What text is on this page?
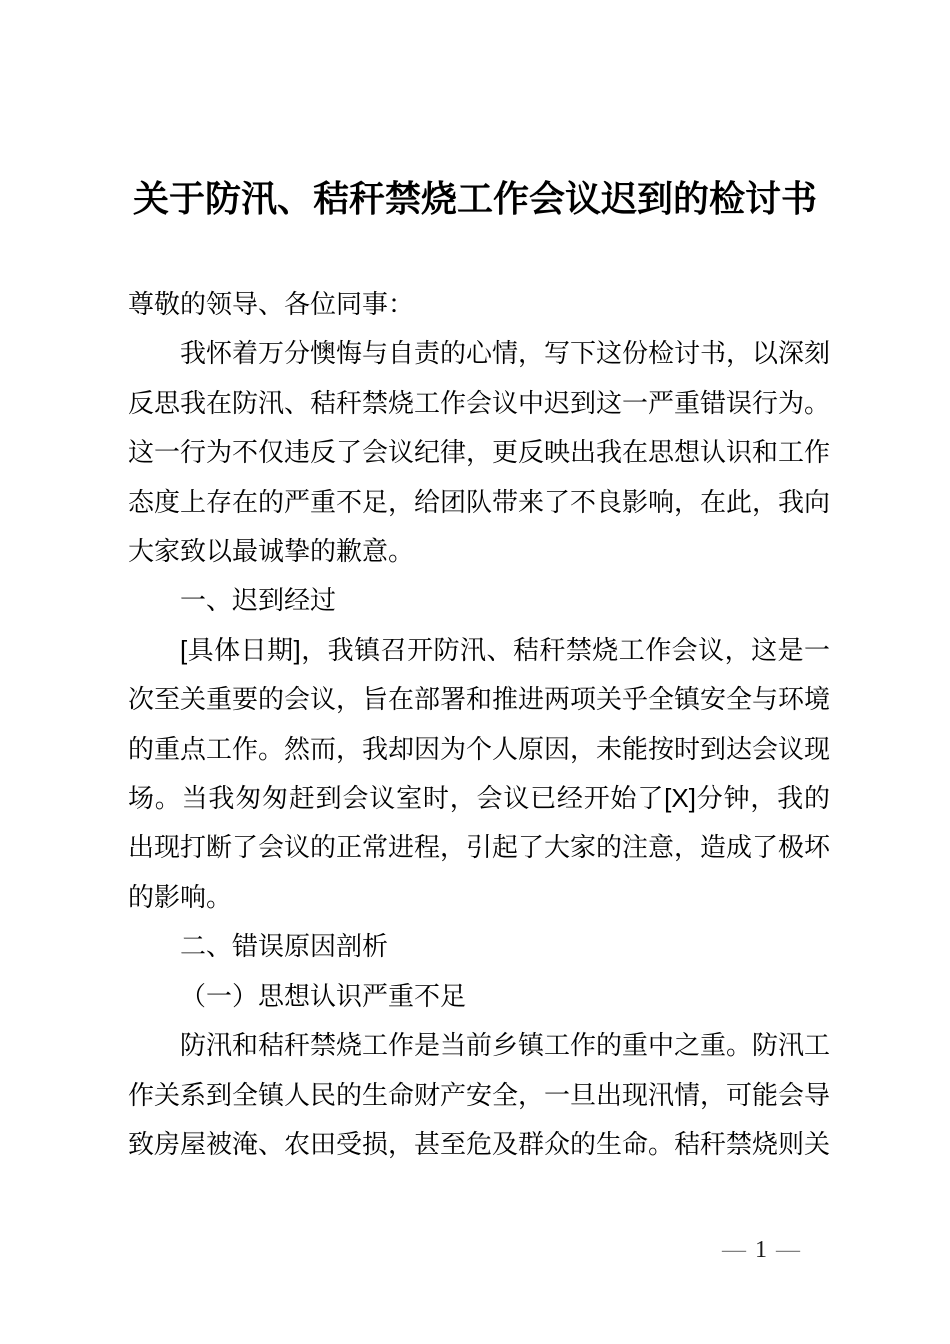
关于防汛、秸秆禁烧工作会议迟到的检讨书

尊敬的领导、各位同事：

我怀着万分懊悔与自责的心情，写下这份检讨书，以深刻反思我在防汛、秸秆禁烧工作会议中迟到这一严重错误行为。这一行为不仅违反了会议纪律，更反映出我在思想认识和工作态度上存在的严重不足，给团队带来了不良影响，在此，我向大家致以最诚挚的歉意。

一、迟到经过

[具体日期]，我镇召开防汛、秸秆禁烧工作会议，这是一次至关重要的会议，旨在部署和推进两项关乎全镇安全与环境的重点工作。然而，我却因为个人原因，未能按时到达会议现场。当我匆匆赶到会议室时，会议已经开始了[X]分钟，我的出现打断了会议的正常进程，引起了大家的注意，造成了极坏的影响。

二、错误原因剖析

（一）思想认识严重不足

防汛和秸秆禁烧工作是当前乡镇工作的重中之重。防汛工作关系到全镇人民的生命财产安全，一旦出现汛情，可能会导致房屋被淹、农田受损，甚至危及群众的生命。秸秆禁烧则关

— 1 —
